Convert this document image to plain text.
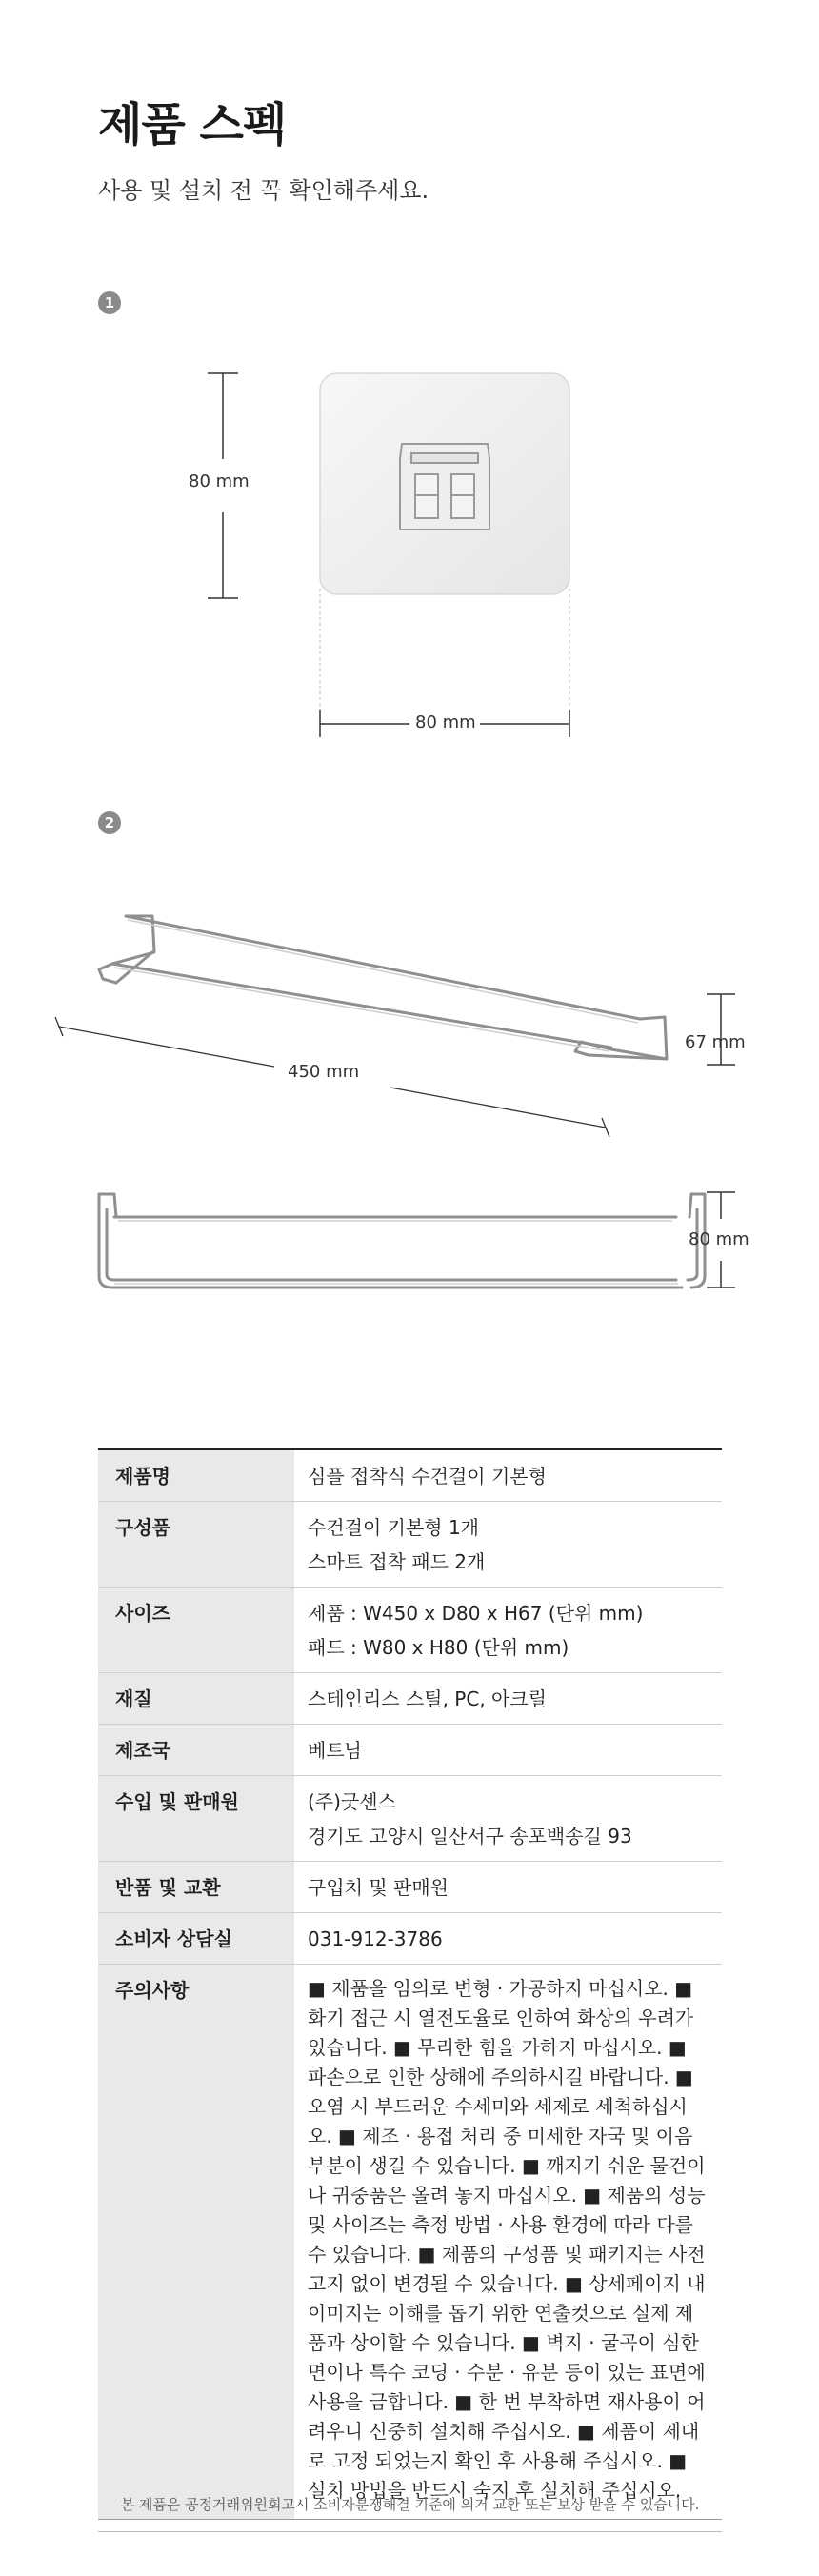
제품 스펙

사용 및 설치 전 꼭 확인해주세요.

1
80 mm
80 mm
2
450 mm
67 mm
80 mm
제품명	심플 접착식 수건걸이 기본형

구성품	수건걸이 기본형 1개
스마트 접착 패드 2개

사이즈	제품 : W450 x D80 x H67 (단위 mm)
패드 : W80 x H80 (단위 mm)

재질	스테인리스 스틸, PC, 아크릴

제조국	베트남

수입 및 판매원	(주)굿센스
경기도 고양시 일산서구 송포백송길 93

반품 및 교환	구입처 및 판매원

소비자 상담실	031-912-3786

주의사항	■ 제품을 임의로 변형 · 가공하지 마십시오. ■ 화기 접근 시 열전도율로 인하여 화상의 우려가 있습니다. ■ 무리한 힘을 가하지 마십시오. ■ 파손으로 인한 상해에 주의하시길 바랍니다. ■ 오염 시 부드러운 수세미와 세제로 세척하십시오. ■ 제조 · 용접 처리 중 미세한 자국 및 이음 부분이 생길 수 있습니다. ■ 깨지기 쉬운 물건이나 귀중품은 올려 놓지 마십시오. ■ 제품의 성능 및 사이즈는 측정 방법 · 사용 환경에 따라 다를 수 있습니다. ■ 제품의 구성품 및 패키지는 사전 고지 없이 변경될 수 있습니다. ■ 상세페이지 내 이미지는 이해를 돕기 위한 연출컷으로 실제 제품과 상이할 수 있습니다. ■ 벽지 · 굴곡이 심한 면이나 특수 코딩 · 수분 · 유분 등이 있는 표면에 사용을 금합니다. ■ 한 번 부착하면 재사용이 어려우니 신중히 설치해 주십시오. ■ 제품이 제대로 고정 되었는지 확인 후 사용해 주십시오. ■ 설치 방법을 반드시 숙지 후 설치해 주십시오.

본 제품은 공정거래위원회고시 소비자분쟁해결 기준에 의거 교환 또는 보상 받을 수 있습니다.
